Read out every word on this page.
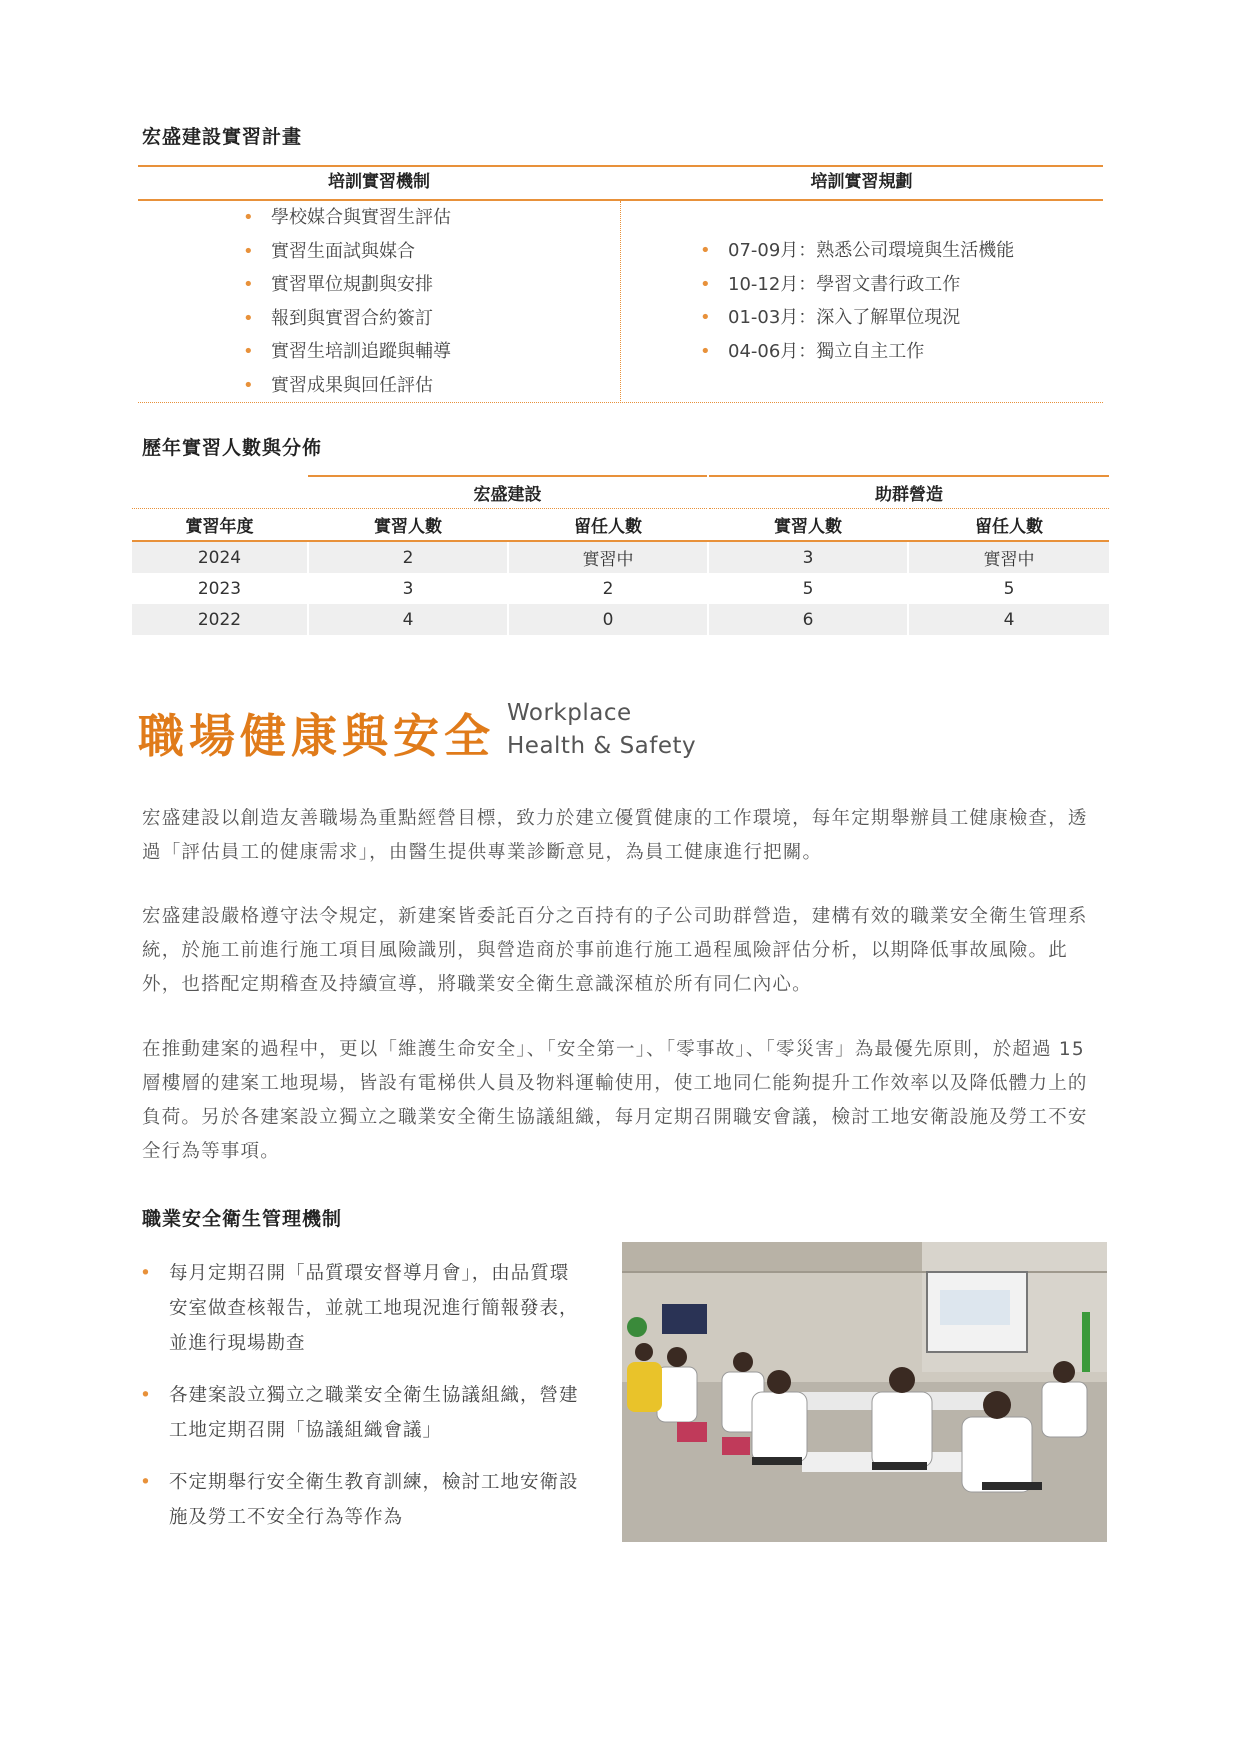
宏盛建設實習計畫
培訓實習機制	培訓實習規劃
• 學校媒合與實習生評估
• 實習生面試與媒合
• 實習單位規劃與安排
• 報到與實習合約簽訂
• 實習生培訓追蹤與輔導
• 實習成果與回任評估
• 07-09月：熟悉公司環境與生活機能
• 10-12月：學習文書行政工作
• 01-03月：深入了解單位現況
• 04-06月：獨立自主工作
歷年實習人數與分佈
	宏盛建設		助群營造	
實習年度	實習人數	留任人數	實習人數	留任人數
2024	2	實習中	3	實習中
2023	3	2	5	5
2022	4	0	6	4
職場健康與安全 Workplace
Health & Safety

宏盛建設以創造友善職場為重點經營目標，致力於建立優質健康的工作環境，每年定期舉辦員工健康檢查，透過「評估員工的健康需求」，由醫生提供專業診斷意見，為員工健康進行把關。

宏盛建設嚴格遵守法令規定，新建案皆委託百分之百持有的子公司助群營造，建構有效的職業安全衛生管理系統，於施工前進行施工項目風險識別，與營造商於事前進行施工過程風險評估分析，以期降低事故風險。此外，也搭配定期稽查及持續宣導，將職業安全衛生意識深植於所有同仁內心。

在推動建案的過程中，更以「維護生命安全」、「安全第一」、「零事故」、「零災害」為最優先原則，於超過 15 層樓層的建案工地現場，皆設有電梯供人員及物料運輸使用，使工地同仁能夠提升工作效率以及降低體力上的負荷。另於各建案設立獨立之職業安全衛生協議組織，每月定期召開職安會議，檢討工地安衛設施及勞工不安全行為等事項。

職業安全衛生管理機制
• 每月定期召開「品質環安督導月會」，由品質環安室做查核報告，並就工地現況進行簡報發表，並進行現場勘查
• 各建案設立獨立之職業安全衛生協議組織，營建工地定期召開「協議組織會議」
• 不定期舉行安全衛生教育訓練，檢討工地安衛設施及勞工不安全行為等作為
